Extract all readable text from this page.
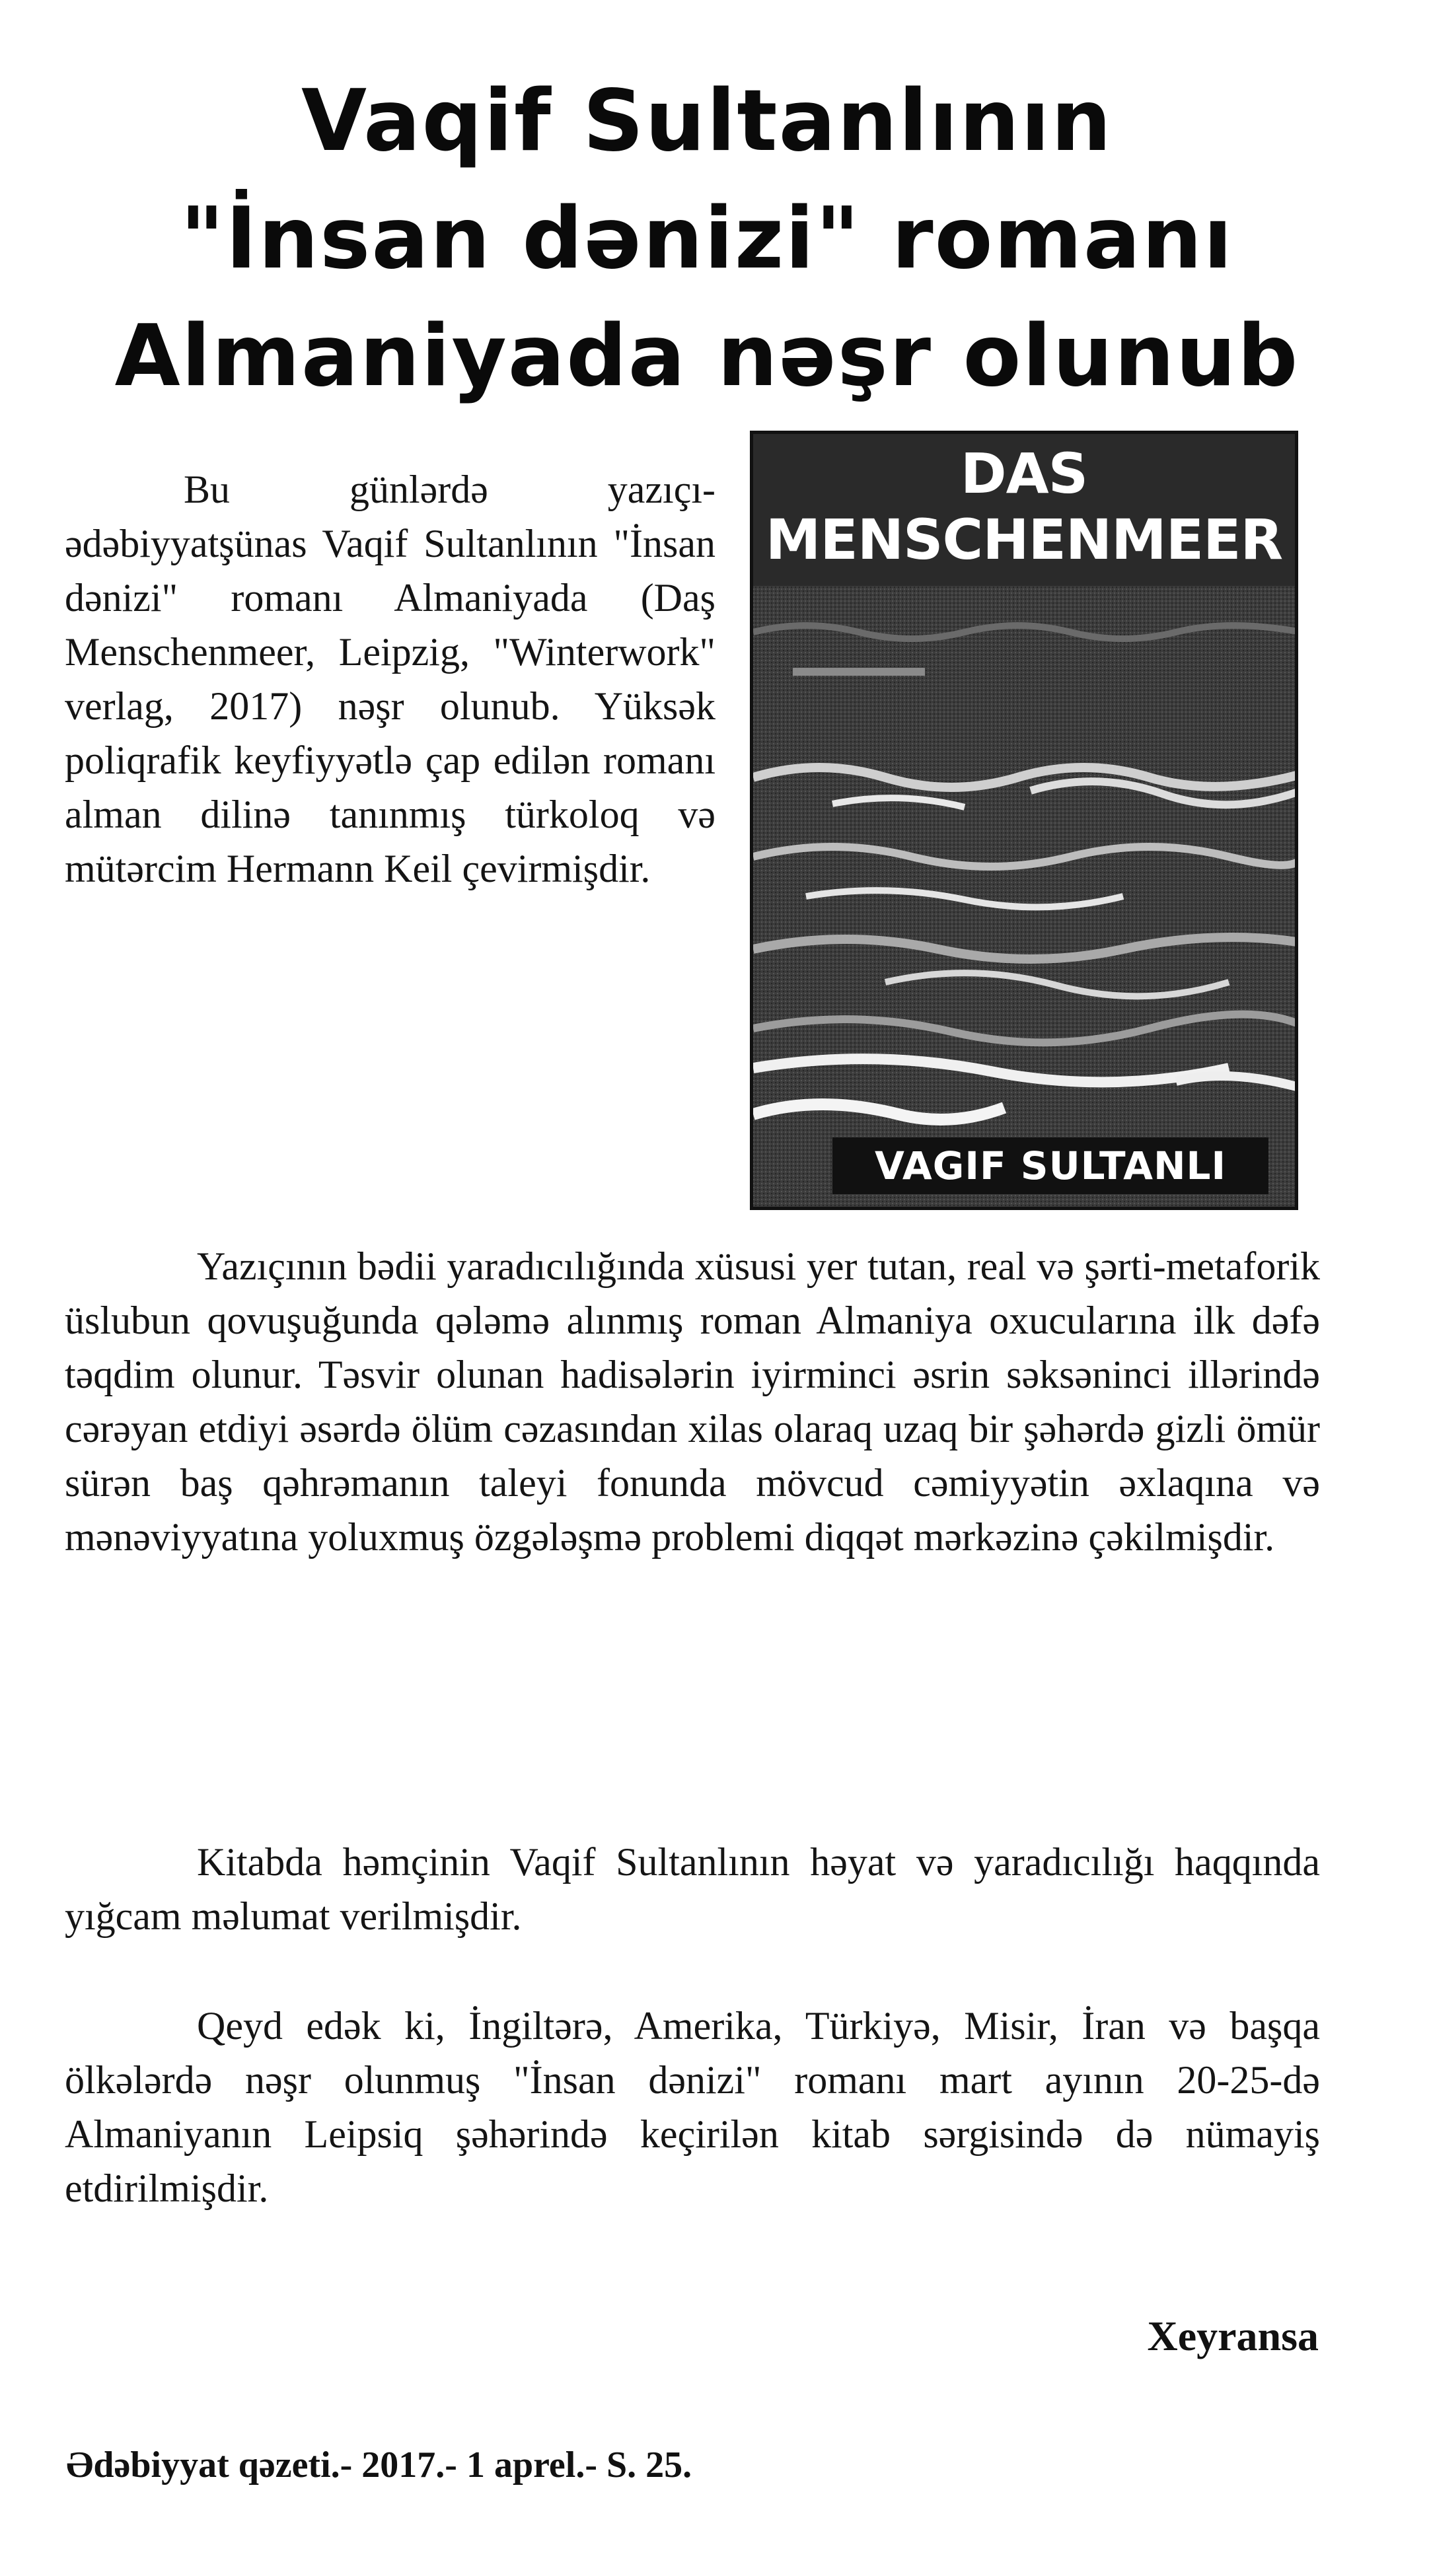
Vaqif Sultanlının
"İnsan dənizi" romanı
Almaniyada nəşr olunub
DAS
MENSCHENMEER
VAGIF SULTANLI

Bu günlərdə yazıçı-ədəbiyyatşünas Vaqif Sultanlının "İnsan dənizi" romanı Almaniyada (Daş Menschenmeer, Leipzig, "Winterwork" verlag, 2017) nəşr olunub. Yüksək poliqrafik keyfiyyətlə çap edilən romanı alman dilinə tanınmış türkoloq və mütərcim Hermann Keil çevirmişdir.

Yazıçının bədii yaradıcılığında xüsusi yer tutan, real və şərti-metaforik üslubun qovuşuğunda qələmə alınmış roman Almaniya oxucularına ilk dəfə təqdim olunur. Təsvir olunan hadisələrin iyirminci əsrin səksəninci illərində cərəyan etdiyi əsərdə ölüm cəzasından xilas olaraq uzaq bir şəhərdə gizli ömür sürən baş qəhrəmanın taleyi fonunda mövcud cəmiyyətin əxlaqına və mənəviyyatına yoluxmuş özgələşmə problemi diqqət mərkəzinə çəkilmişdir.

Kitabda həmçinin Vaqif Sultanlının həyat və yaradıcılığı haqqında yığcam məlumat verilmişdir.

Qeyd edək ki, İngiltərə, Amerika, Türkiyə, Misir, İran və başqa ölkələrdə nəşr olunmuş "İnsan dənizi" romanı mart ayının 20-25-də Almaniyanın Leipsiq şəhərində keçirilən kitab sərgisində də nümayiş etdirilmişdir.

Xeyransa
Ədəbiyyat qəzeti.- 2017.- 1 aprel.- S. 25.
